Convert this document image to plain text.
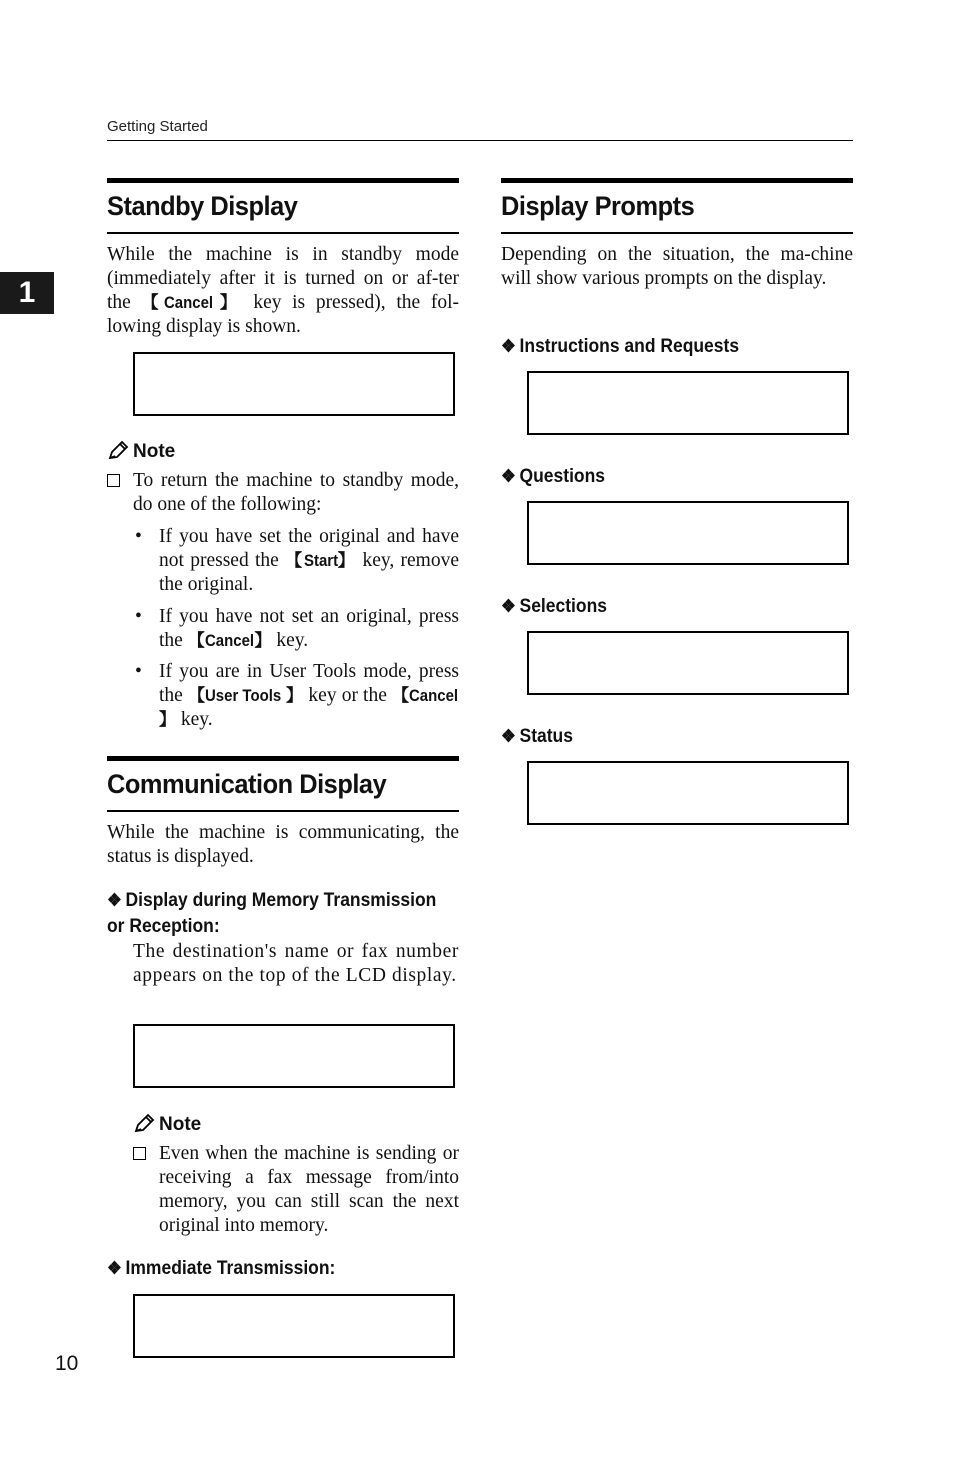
Getting Started
1
10
Standby Display
While the machine is in standby mode (immediately after it is turned on or af-ter the 【Cancel】 key is pressed), the fol-lowing display is shown.

Note
To return the machine to standby mode, do one of the following:
• If you have set the original and have not pressed the 【Start】 key, remove the original.
• If you have not set an original, press the 【Cancel】 key.
• If you are in User Tools mode, press the 【User Tools 】 key or the 【Cancel】 key.
Communication Display
While the machine is communicating, the status is displayed.
❖ Display during Memory Transmission or Reception:
The destination's name or fax number appears on the top of the LCD display.

Note
Even when the machine is sending or receiving a fax message from/into memory, you can still scan the next original into memory.
❖ Immediate Transmission:

Display Prompts
Depending on the situation, the ma-chine will show various prompts on the display.
❖ Instructions and Requests

❖ Questions

❖ Selections

❖ Status
